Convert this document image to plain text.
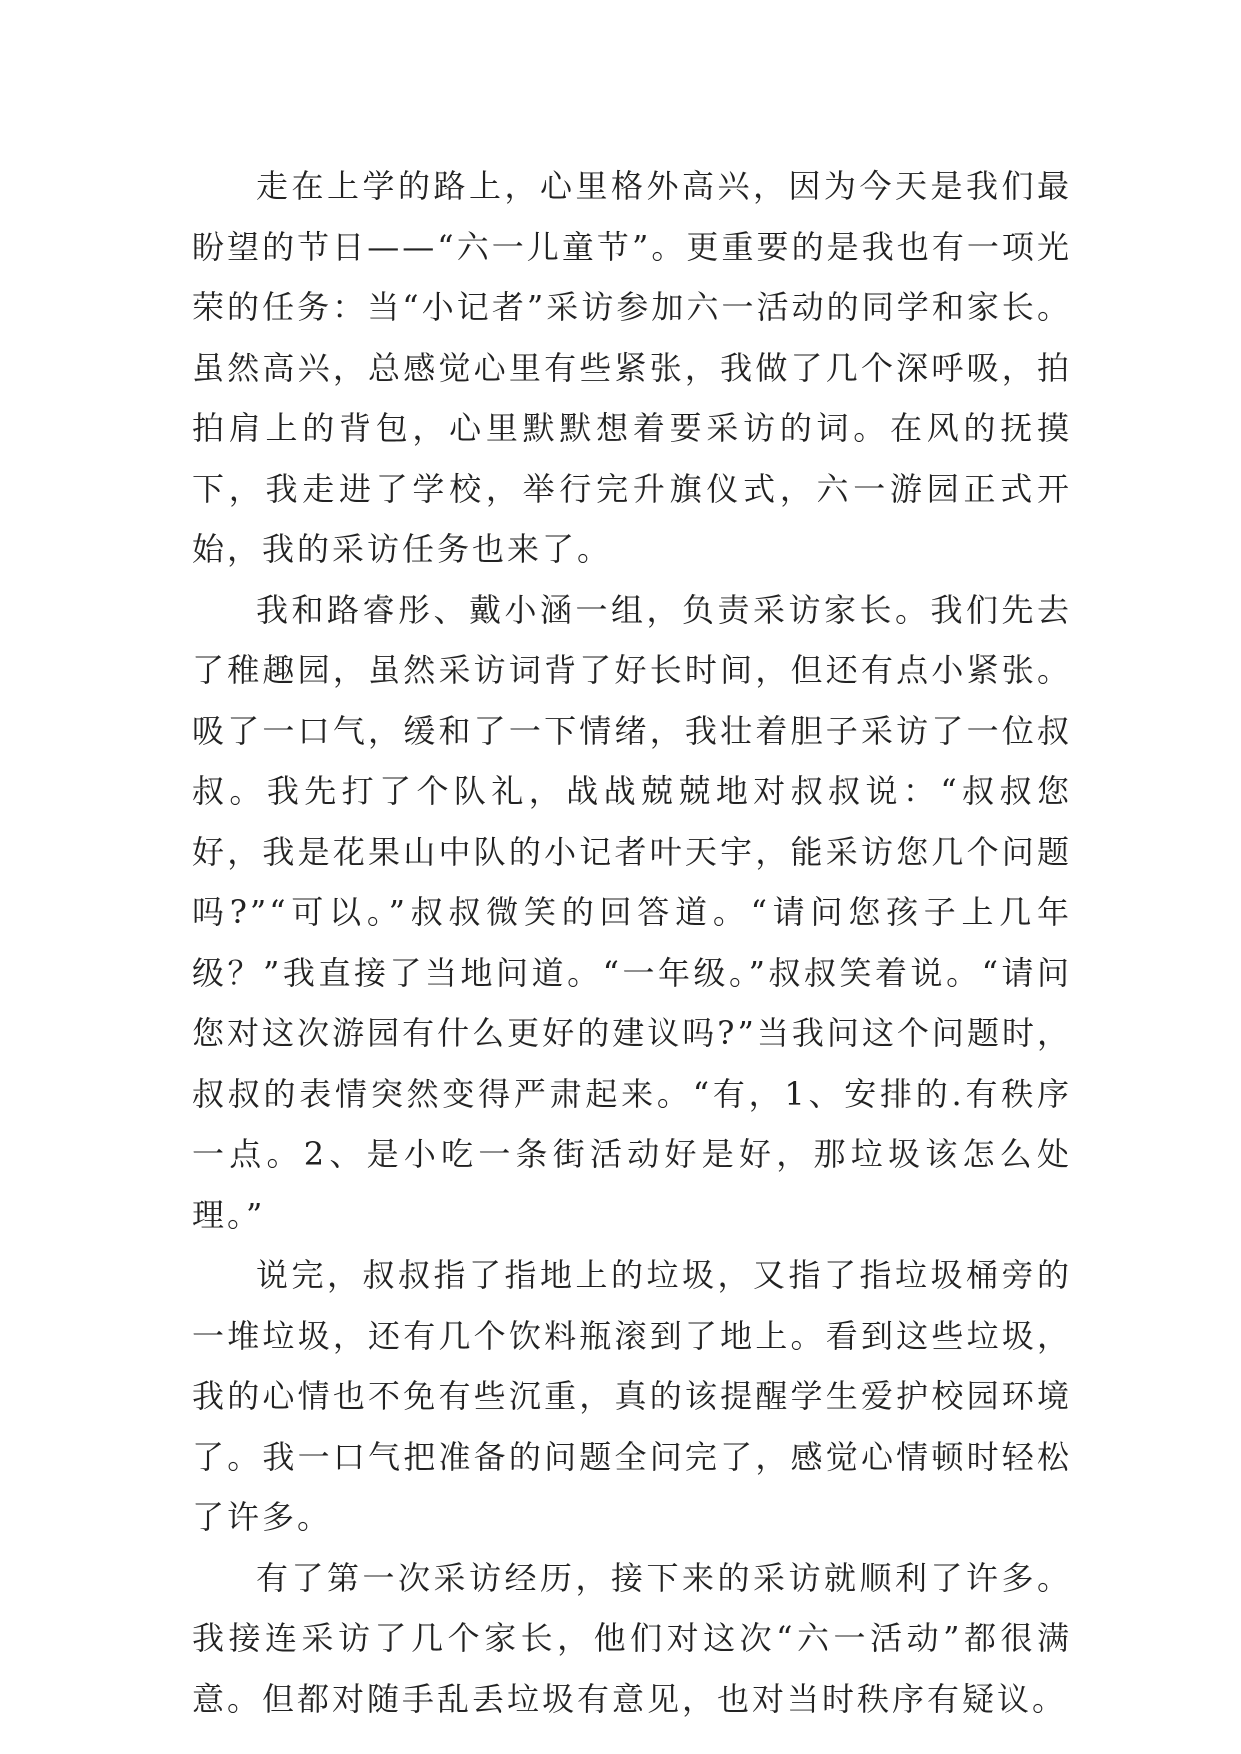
走在上学的路上，心里格外高兴，因为今天是我们最盼望的节日——“六一儿童节”。更重要的是我也有一项光荣的任务：当“小记者”采访参加六一活动的同学和家长。虽然高兴，总感觉心里有些紧张，我做了几个深呼吸，拍拍肩上的背包，心里默默想着要采访的词。在风的抚摸下，我走进了学校，举行完升旗仪式，六一游园正式开始，我的采访任务也来了。

我和路睿彤、戴小涵一组，负责采访家长。我们先去了稚趣园，虽然采访词背了好长时间，但还有点小紧张。吸了一口气，缓和了一下情绪，我壮着胆子采访了一位叔叔。我先打了个队礼，战战兢兢地对叔叔说：“叔叔您好，我是花果山中队的小记者叶天宇，能采访您几个问题吗?”“可以。”叔叔微笑的回答道。“请问您孩子上几年级？”我直接了当地问道。“一年级。”叔叔笑着说。“请问您对这次游园有什么更好的建议吗?”当我问这个问题时，叔叔的表情突然变得严肃起来。“有，1、安排的.有秩序一点。2、是小吃一条街活动好是好，那垃圾该怎么处理。”

说完，叔叔指了指地上的垃圾，又指了指垃圾桶旁的一堆垃圾，还有几个饮料瓶滚到了地上。看到这些垃圾，我的心情也不免有些沉重，真的该提醒学生爱护校园环境了。我一口气把准备的问题全问完了，感觉心情顿时轻松了许多。

有了第一次采访经历，接下来的采访就顺利了许多。我接连采访了几个家长，他们对这次“六一活动”都很满意。但都对随手乱丢垃圾有意见，也对当时秩序有疑议。
